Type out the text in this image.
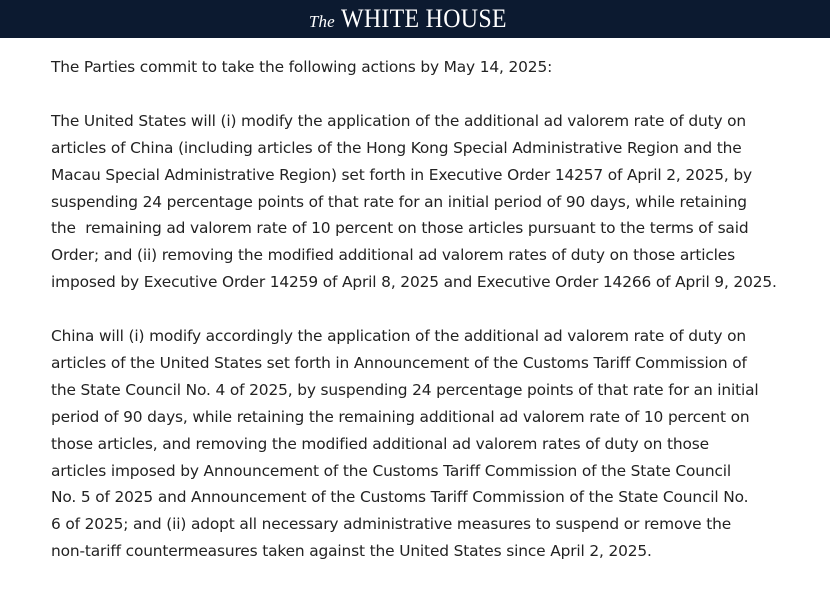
The WHITE HOUSE

The Parties commit to take the following actions by May 14, 2025:

The United States will (i) modify the application of the additional ad valorem rate of duty on
articles of China (including articles of the Hong Kong Special Administrative Region and the
Macau Special Administrative Region) set forth in Executive Order 14257 of April 2, 2025, by
suspending 24 percentage points of that rate for an initial period of 90 days, while retaining
the  remaining ad valorem rate of 10 percent on those articles pursuant to the terms of said
Order; and (ii) removing the modified additional ad valorem rates of duty on those articles
imposed by Executive Order 14259 of April 8, 2025 and Executive Order 14266 of April 9, 2025.

China will (i) modify accordingly the application of the additional ad valorem rate of duty on
articles of the United States set forth in Announcement of the Customs Tariff Commission of
the State Council No. 4 of 2025, by suspending 24 percentage points of that rate for an initial
period of 90 days, while retaining the remaining additional ad valorem rate of 10 percent on
those articles, and removing the modified additional ad valorem rates of duty on those
articles imposed by Announcement of the Customs Tariff Commission of the State Council
No. 5 of 2025 and Announcement of the Customs Tariff Commission of the State Council No.
6 of 2025; and (ii) adopt all necessary administrative measures to suspend or remove the
non-tariff countermeasures taken against the United States since April 2, 2025.
